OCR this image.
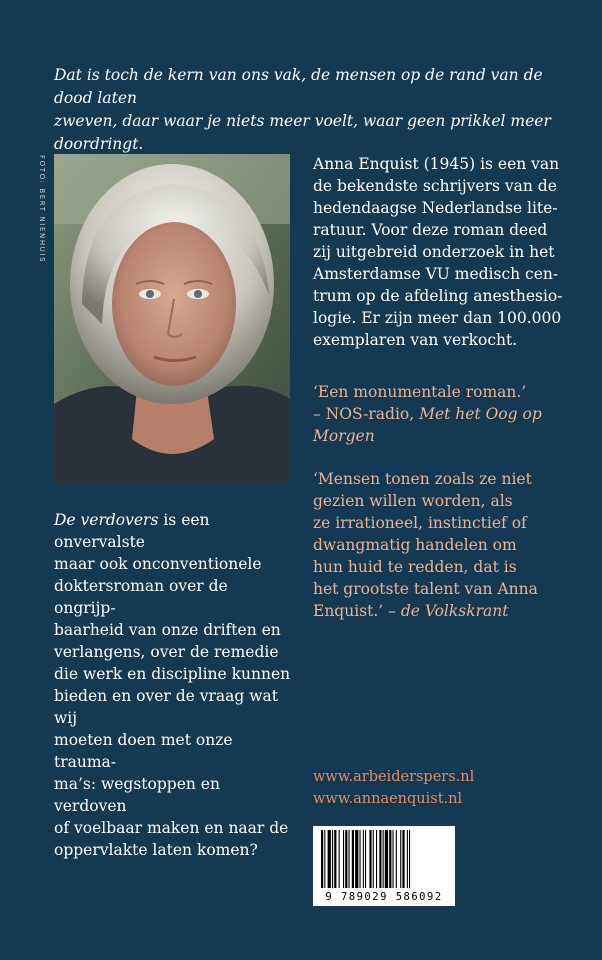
Dat is toch de kern van ons vak, de mensen op de rand van de dood laten
zweven, daar waar je niets meer voelt, waar geen prikkel meer doordringt.
FOTO: BERT NIENHUIS	Anna Enquist (1945) is een van
de bekendste schrijvers van de
hedendaagse Nederlandse lite-
ratuur. Voor deze roman deed
zij uitgebreid onderzoek in het
Amsterdamse VU medisch cen-
trum op de afdeling anesthesio-
logie. Er zijn meer dan 100.000
exemplaren van verkocht.
‘Een monumentale roman.’
– NOS-radio, Met het Oog op
Morgen
‘Mensen tonen zoals ze niet
gezien willen worden, als
ze irrationeel, instinctief of
dwangmatig handelen om
hun huid te redden, dat is
het grootste talent van Anna
Enquist.’ – de Volkskrant
De verdovers is een onvervalste
maar ook onconventionele
doktersroman over de ongrijp-
baarheid van onze driften en
verlangens, over de remedie
die werk en discipline kunnen
bieden en over de vraag wat wij
moeten doen met onze trauma-
ma’s: wegstoppen en verdoven
of voelbaar maken en naar de
oppervlakte laten komen?
www.arbeiderspers.nl
www.annaenquist.nl
9 789029 586092
